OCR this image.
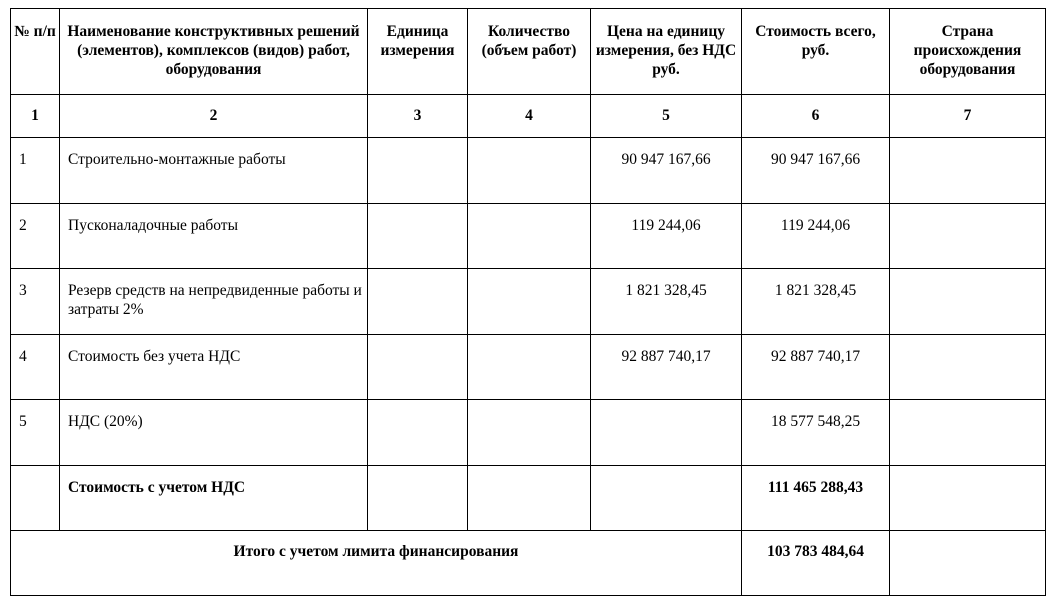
№ п/п	Наименование конструктивных решений (элементов), комплексов (видов) работ, оборудования	Единица измерения	Количество (объем работ)	Цена на единицу измерения, без НДС руб.	Стоимость всего, руб.	Страна происхождения оборудования
1	2	3	4	5	6	7
1	Строительно-монтажные работы			90 947 167,66	90 947 167,66	
2	Пусконаладочные работы			119 244,06	119 244,06	
3	Резерв средств на непредвиденные работы и затраты 2%			1 821 328,45	1 821 328,45	
4	Стоимость без учета НДС			92 887 740,17	92 887 740,17	
5	НДС (20%)				18 577 548,25	
	Стоимость с учетом НДС				111 465 288,43	
Итого с учетом лимита финансирования					103 783 484,64	
